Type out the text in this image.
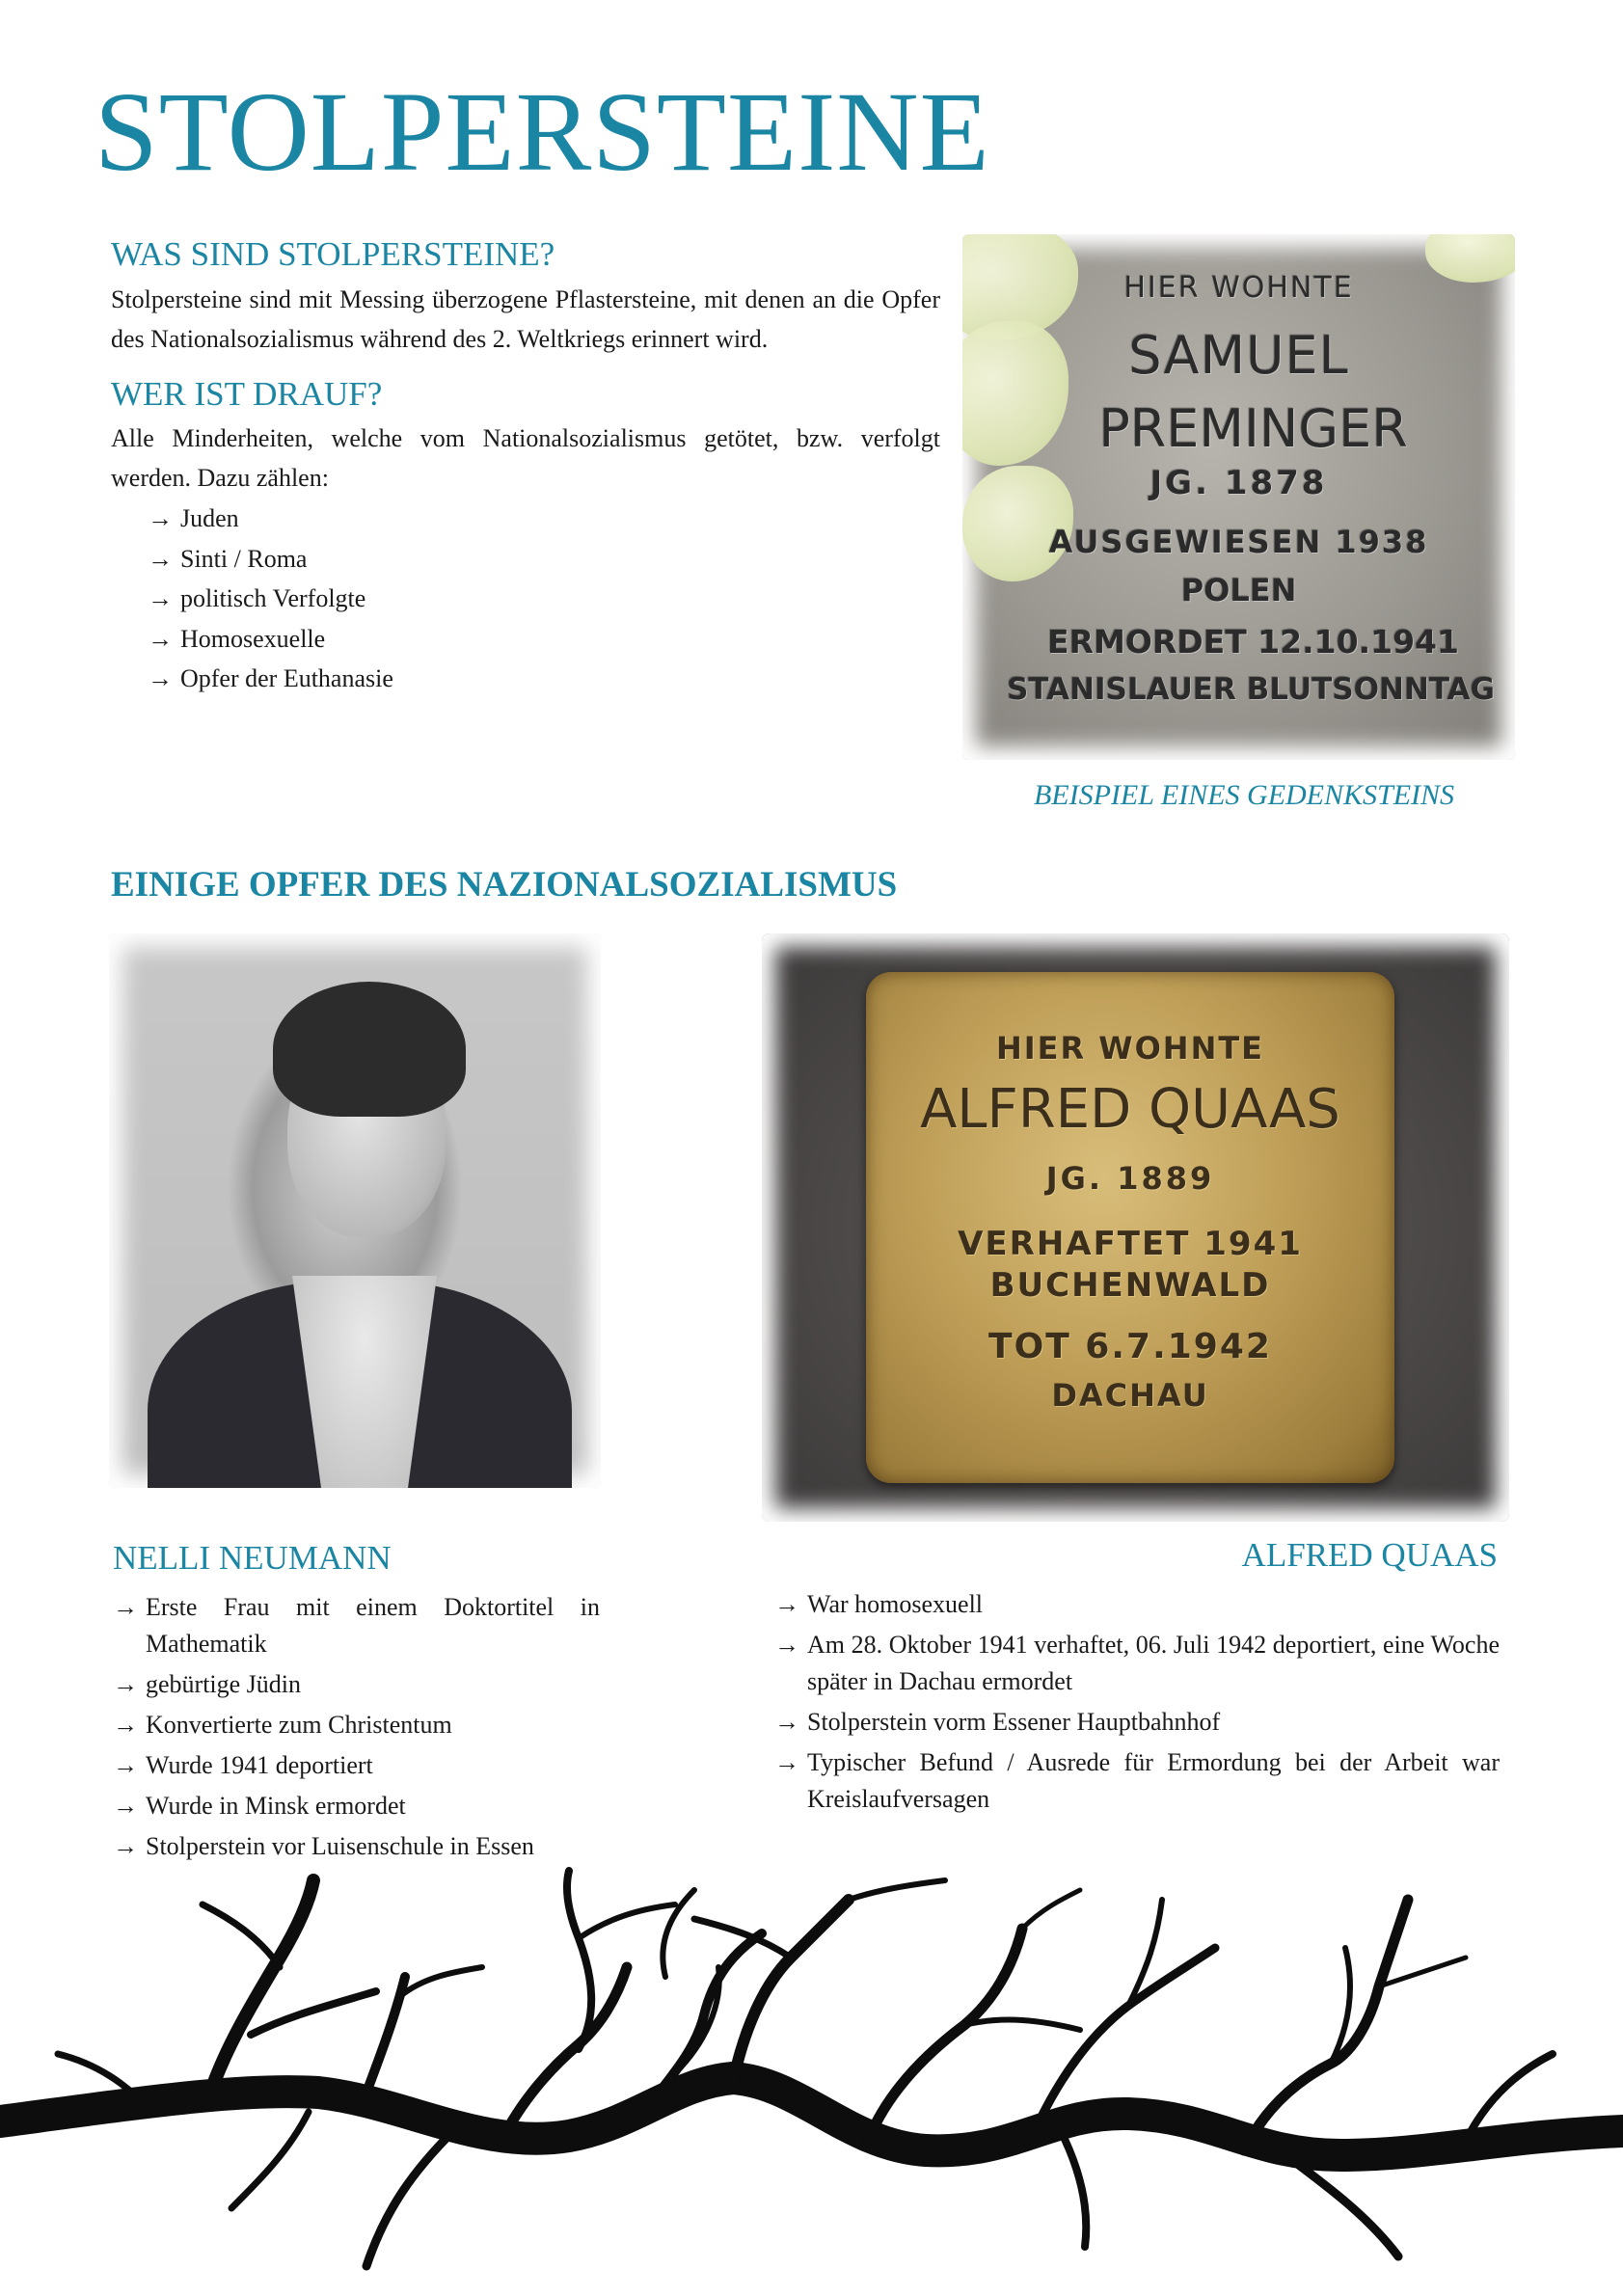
STOLPERSTEINE
WAS SIND STOLPERSTEINE?
Stolpersteine sind mit Messing überzogene Pflastersteine, mit denen an die Opfer des Nationalsozialismus während des 2. Weltkriegs erinnert wird.
WER IST DRAUF?
Alle Minderheiten, welche vom Nationalsozialismus getötet, bzw. verfolgt werden. Dazu zählen:
→ Juden
→ Sinti / Roma
→ politisch Verfolgte
→ Homosexuelle
→ Opfer der Euthanasie
HIER WOHNTE
SAMUEL
PREMINGER
JG. 1878
AUSGEWIESEN 1938
POLEN
ERMORDET 12.10.1941
STANISLAUER BLUTSONNTAG
BEISPIEL EINES GEDENKSTEINS
EINIGE OPFER DES NAZIONALSOZIALISMUS
HIER WOHNTE
ALFRED QUAAS
JG. 1889
VERHAFTET 1941
BUCHENWALD
TOT 6.7.1942
DACHAU
NELLI NEUMANN
→ Erste Frau mit einem Doktortitel in Mathematik
→ gebürtige Jüdin
→ Konvertierte zum Christentum
→ Wurde 1941 deportiert
→ Wurde in Minsk ermordet
→ Stolperstein vor Luisenschule in Essen
ALFRED QUAAS
→ War homosexuell
→ Am 28. Oktober 1941 verhaftet, 06. Juli 1942 deportiert, eine Woche später in Dachau ermordet
→ Stolperstein vorm Essener Hauptbahnhof
→ Typischer Befund / Ausrede für Ermordung bei der Arbeit war Kreislaufversagen
